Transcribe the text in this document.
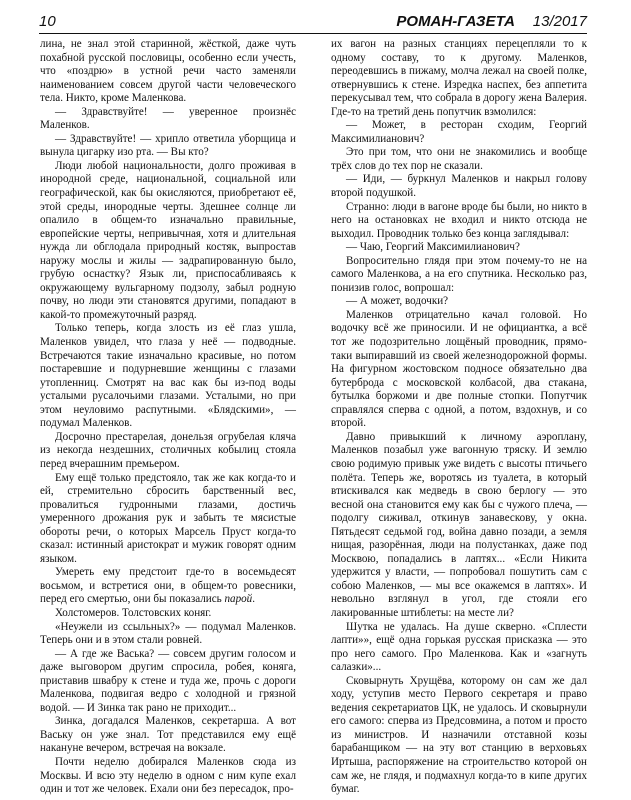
10	РОМАН-ГАЗЕТА 13/2017

лина, не знал этой старинной, жёсткой, даже чуть похабной русской пословицы, особенно если учесть, что «поздрю» в устной речи часто заменяли наименованием совсем другой части человеческого тела. Никто, кроме Маленкова.

— Здравствуйте! — уверенное произнёс Маленков.

— Здравствуйте! — хрипло ответила уборщица и вынула цигарку изо рта. — Вы кто?

Люди любой национальности, долго проживая в инородной среде, национальной, социальной или географической, как бы окисляются, приобретают её, этой среды, инородные черты. Здешнее солнце ли опалило в общем-то изначально правильные, европейские черты, непривычная, хотя и длительная нужда ли обглодала природный костяк, выпростав наружу мослы и жилы — задрапированную было, грубую оснастку? Язык ли, приспосабливаясь к окружающему вульгарному подзолу, забыл родную почву, но люди эти становятся другими, попадают в какой-то промежуточный разряд.

Только теперь, когда злость из её глаз ушла, Маленков увидел, что глаза у неё — подводные. Встречаются такие изначально красивые, но потом постаревшие и подурневшие женщины с глазами утопленниц. Смотрят на вас как бы из-под воды усталыми русалочьими глазами. Усталыми, но при этом неуловимо распутными. «Блядскими», — подумал Маленков.

Досрочно престарелая, донельзя огрубелая кляча из некогда нездешних, столичных кобылиц стояла перед вчерашним премьером.

Ему ещё только предстояло, так же как когда-то и ей, стремительно сбросить барственный вес, провалиться гудронными глазами, достичь умеренного дрожания рук и забыть те мясистые обороты речи, о которых Марсель Пруст когда-то сказал: истинный аристократ и мужик говорят одним языком.

Умереть ему предстоит где-то в восемьдесят восьмом, и встретися они, в общем-то ровесники, перед его смертью, они бы показались парой.

Холстомеров. Толстовских коняг.

«Неужели из ссыльных?» — подумал Маленков. Теперь они и в этом стали ровней.

— А где же Васька? — совсем другим голосом и даже выговором другим спросила, робея, коняга, приставив швабру к стене и туда же, прочь с дороги Маленкова, подвигая ведро с холодной и грязной водой. — И Зинка так рано не приходит...

Зинка, догадался Маленков, секретарша. А вот Ваську он уже знал. Тот представился ему ещё накануне вечером, встречая на вокзале.

Почти неделю добирался Маленков сюда из Москвы. И всю эту неделю в одном с ним купе ехал один и тот же человек. Ехали они без пересадок, про-

их вагон на разных станциях перецепляли то к одному составу, то к другому. Маленков, переодевшись в пижаму, молча лежал на своей полке, отвернувшись к стене. Изредка наспех, без аппетита перекусывал тем, что собрала в дорогу жена Валерия. Где-то на третий день попутчик взмолился:

— Может, в ресторан сходим, Георгий Максимилианович?

Это при том, что они не знакомились и вообще трёх слов до тех пор не сказали.

— Иди, — буркнул Маленков и накрыл голову второй подушкой.

Странно: люди в вагоне вроде бы были, но никто в него на остановках не входил и никто отсюда не выходил. Проводник только без конца заглядывал:

— Чаю, Георгий Максимилианович?

Вопросительно глядя при этом почему-то не на самого Маленкова, а на его спутника. Несколько раз, понизив голос, вопрошал:

— А может, водочки?

Маленков отрицательно качал головой. Но водочку всё же приносили. И не официантка, а всё тот же подозрительно лощёный проводник, прямо-таки выпиравший из своей железнодорожной формы. На фигурном жостовском подносе обязательно два бутерброда с московской колбасой, два стакана, бутылка боржоми и две полные стопки. Попутчик справлялся сперва с одной, а потом, вздохнув, и со второй.

Давно привыкший к личному аэроплану, Маленков позабыл уже вагонную тряску. И землю свою родимую привык уже видеть с высоты птичьего полёта. Теперь же, воротясь из туалета, в который втискивался как медведь в свою берлогу — это весной она становится ему как бы с чужого плеча, — подолгу сиживал, откинув занавескову, у окна. Пятьдесят седьмой год, война давно позади, а земля нищая, разорённая, люди на полустанках, даже под Москвою, попадались в лаптях... «Если Никита удержится у власти, — попробовал пошутить сам с собою Маленков, — мы все окажемся в лаптях». И невольно взглянул в угол, где стояли его лакированные штиблеты: на месте ли?

Шутка не удалась. На душе скверно. «Сплести лапти»», ещё одна горькая русская присказка — это про него самого. Про Маленкова. Как и «загнуть салазки»...

Сковырнуть Хрущёва, которому он сам же дал ходу, уступив место Первого секретаря и право ведения секретариатов ЦК, не удалось. И сковырнули его самого: сперва из Предсовмина, а потом и просто из министров. И назначили отставной козы барабанщиком — на эту вот станцию в верховьях Иртыша, распоряжение на строительство которой он сам же, не глядя, и подмахнул когда-то в кипе других бумаг.
